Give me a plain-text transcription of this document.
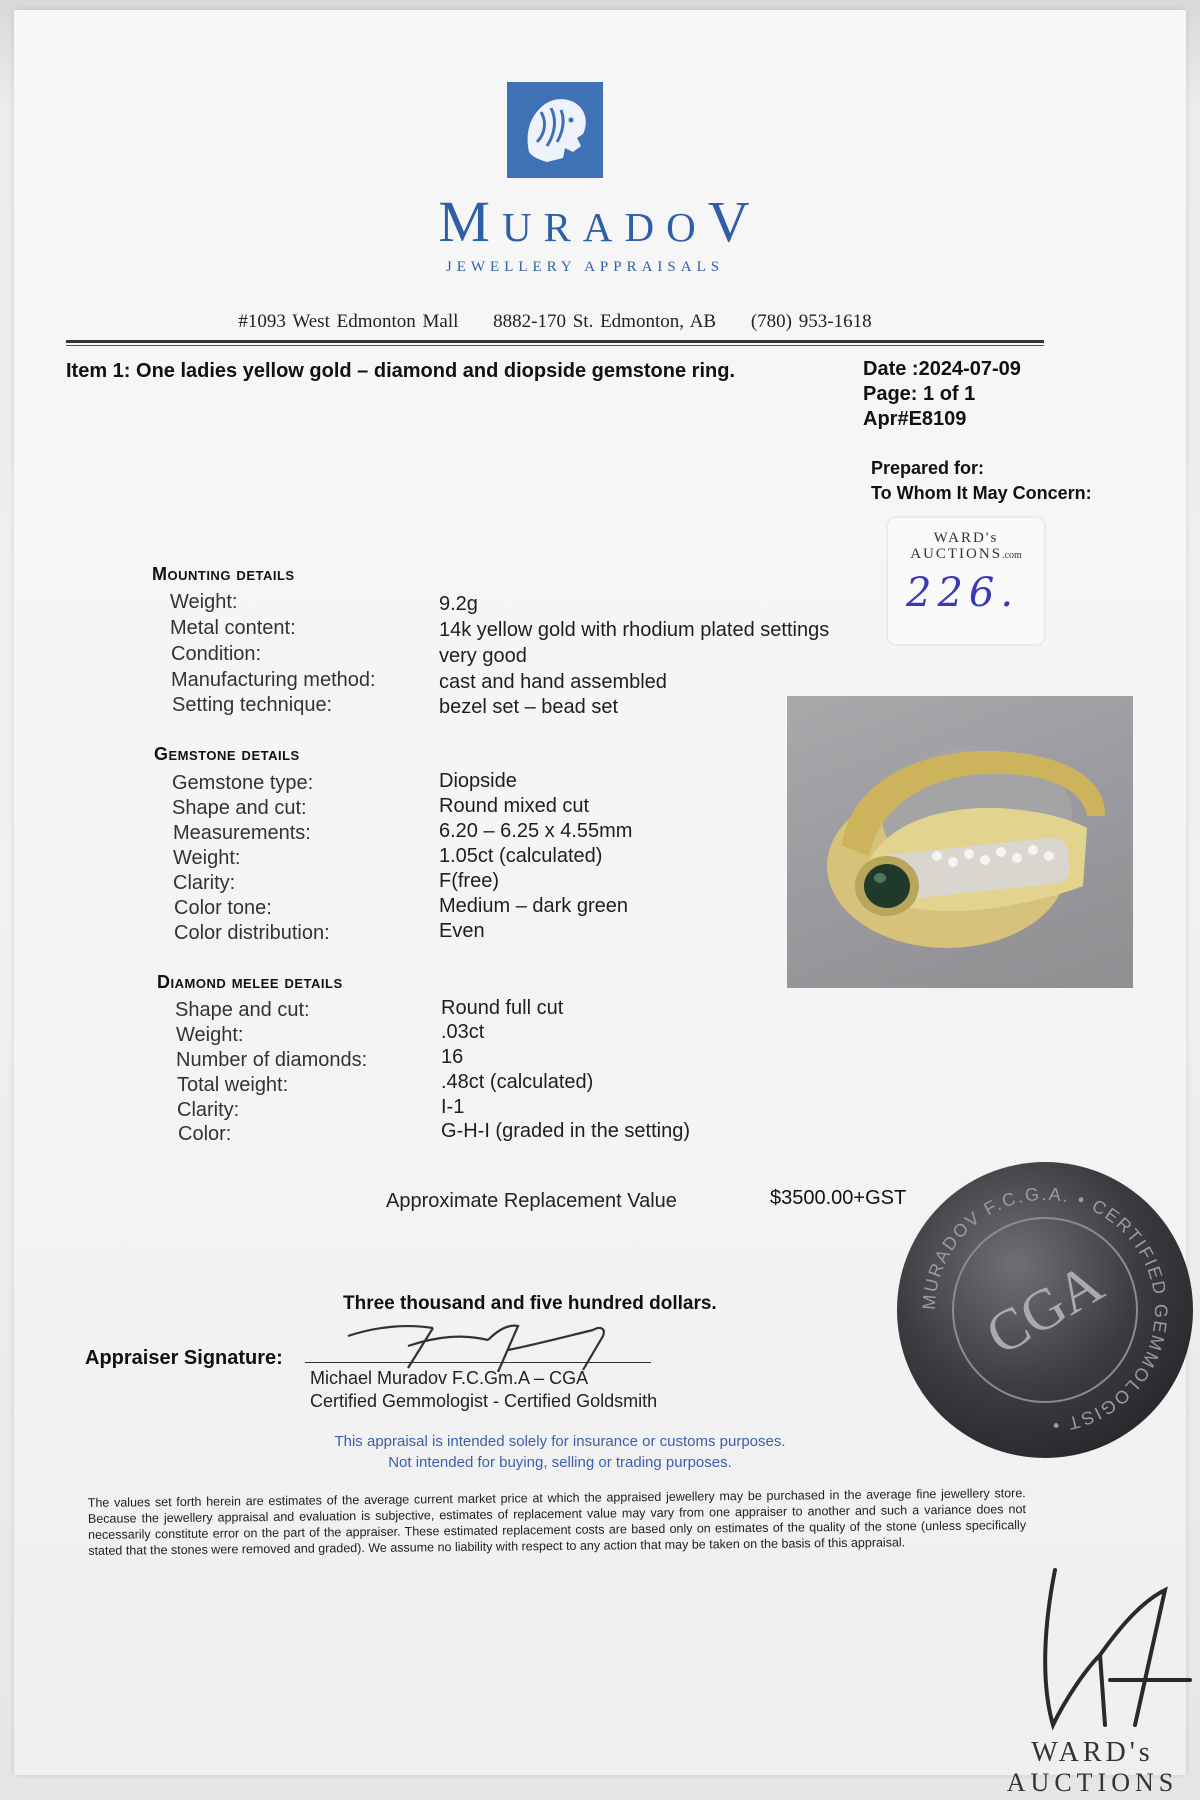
MuradoV
JEWELLERY APPRAISALS
#1093 West Edmonton Mall 8882-170 St. Edmonton, AB (780) 953-1618
Item 1: One ladies yellow gold – diamond and diopside gemstone ring.	Date :2024-07-09
Page: 1 of 1
Apr#E8109
Prepared for:
To Whom It May Concern:
WARD's
AUCTIONS.com
226.
Mounting details
Weight:	9.2g
Metal content:	14k yellow gold with rhodium plated settings
Condition:	very good
Manufacturing method:	cast and hand assembled
Setting technique:	bezel set – bead set
Gemstone details
Gemstone type:	Diopside
Shape and cut:	Round mixed cut
Measurements:	6.20 – 6.25 x 4.55mm
Weight:	1.05ct (calculated)
Clarity:	F(free)
Color tone:	Medium – dark green
Color distribution:	Even
Diamond melee details
Shape and cut:	Round full cut
Weight:	.03ct
Number of diamonds:	16
Total weight:	.48ct (calculated)
Clarity:	I-1
Color:	G-H-I (graded in the setting)
Approximate Replacement Value	$3500.00+GST
Three thousand and five hundred dollars.
Appraiser Signature:
Michael Muradov F.C.Gm.A – CGA
Certified Gemmologist - Certified Goldsmith
This appraisal is intended solely for insurance or customs purposes.
Not intended for buying, selling or trading purposes.
The values set forth herein are estimates of the average current market price at which the appraised jewellery may be purchased in the average fine jewellery store. Because the jewellery appraisal and evaluation is subjective, estimates of replacement value may vary from one appraiser to another and such a variance does not necessarily constitute error on the part of the appraiser. These estimated replacement costs are based only on estimates of the quality of the stone (unless specifically stated that the stones were removed and graded). We assume no liability with respect to any action that may be taken on the basis of this appraisal.
MURADOV F.C.G.A. • CERTIFIED GEMMOLOGIST •
CGA
WARD's
AUCTIONS
